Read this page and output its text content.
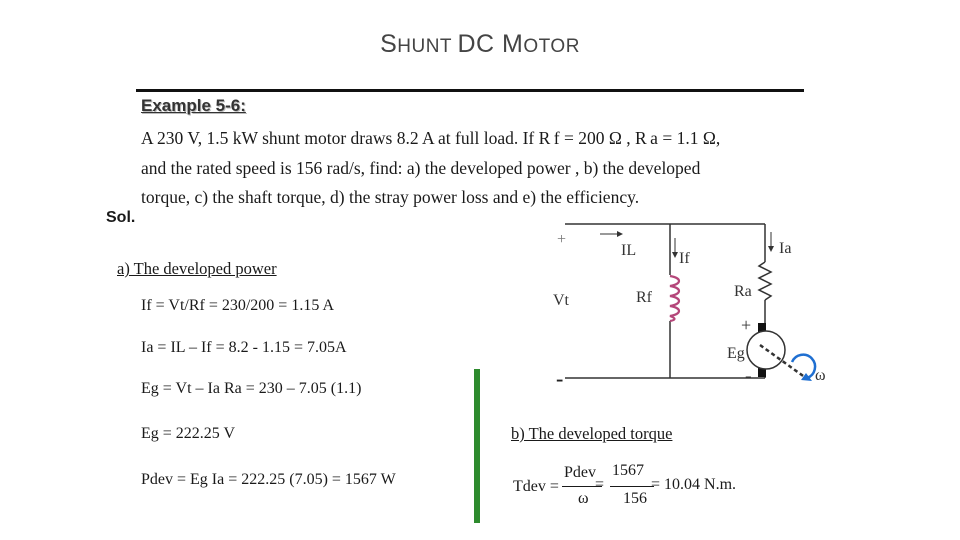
SHUNT DC MOTOR
Example 5-6:
A 230 V, 1.5 kW shunt motor draws 8.2 A at full load. If R f = 200 Ω , R a = 1.1 Ω,
and the rated speed is 156 rad/s, find: a) the developed power , b) the developed
torque, c) the shaft torque, d) the stray power loss and e) the efficiency.
Sol.
a) The developed power
If = Vt/Rf = 230/200 = 1.15 A
Ia = IL – If = 8.2 - 1.15 = 7.05A
Eg = Vt – Ia Ra = 230 – 7.05 (1.1)
Eg = 222.25 V
Pdev = Eg Ia = 222.25 (7.05) = 1567 W
b) The developed torque
Tdev =
Pdev
ω
=
1567
156
= 10.04 N.m.
+
-
IL	If
Ia
Vt	Rf	Ra
+
-
Eg
ω
